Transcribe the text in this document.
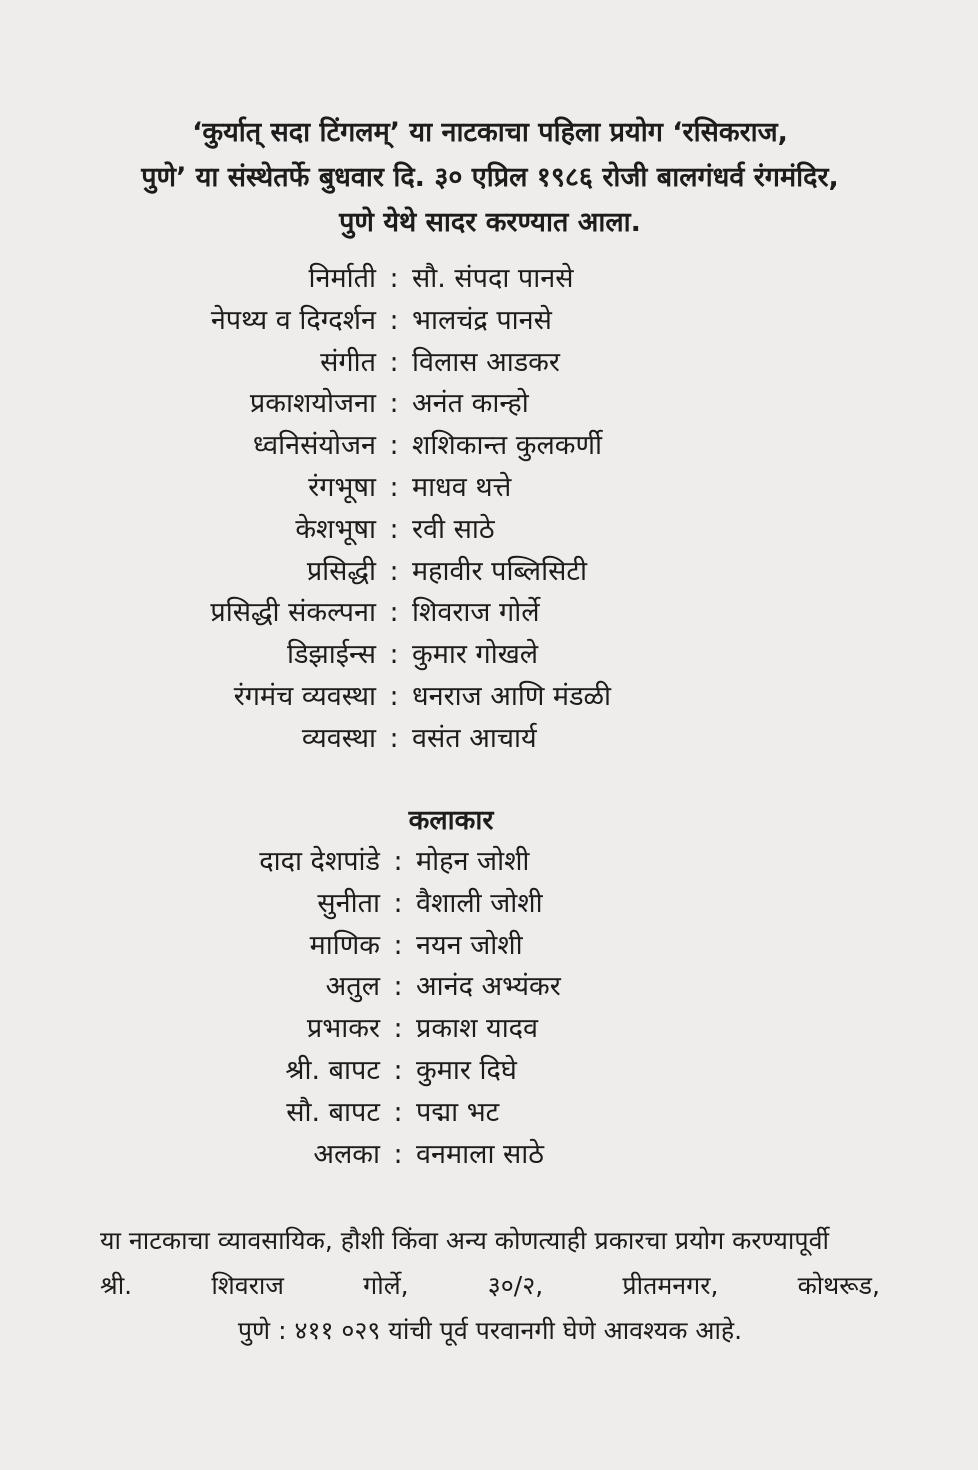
‘कुर्यात् सदा टिंगलम्’ या नाटकाचा पहिला प्रयोग ‘रसिकराज,
पुणे’ या संस्थेतर्फे बुधवार दि. ३० एप्रिल १९८६ रोजी बालगंधर्व रंगमंदिर,
पुणे येथे सादर करण्यात आला.

निर्माती : सौ. संपदा पानसे
नेपथ्य व दिग्दर्शन : भालचंद्र पानसे
संगीत : विलास आडकर
प्रकाशयोजना : अनंत कान्हो
ध्वनिसंयोजन : शशिकान्त कुलकर्णी
रंगभूषा : माधव थत्ते
केशभूषा : रवी साठे
प्रसिद्धी : महावीर पब्लिसिटी
प्रसिद्धी संकल्पना : शिवराज गोर्ले
डिझाईन्स : कुमार गोखले
रंगमंच व्यवस्था : धनराज आणि मंडळी
व्यवस्था : वसंत आचार्य
कलाकार
दादा देशपांडे : मोहन जोशी
सुनीता : वैशाली जोशी
माणिक : नयन जोशी
अतुल : आनंद अभ्यंकर
प्रभाकर : प्रकाश यादव
श्री. बापट : कुमार दिघे
सौ. बापट : पद्मा भट
अलका : वनमाला साठे
या नाटकाचा व्यावसायिक, हौशी किंवा अन्य कोणत्याही प्रकारचा प्रयोग करण्यापूर्वी
श्री. शिवराज गोर्ले, ३०/२, प्रीतमनगर, कोथरूड,
पुणे : ४११ ०२९ यांची पूर्व परवानगी घेणे आवश्यक आहे.
